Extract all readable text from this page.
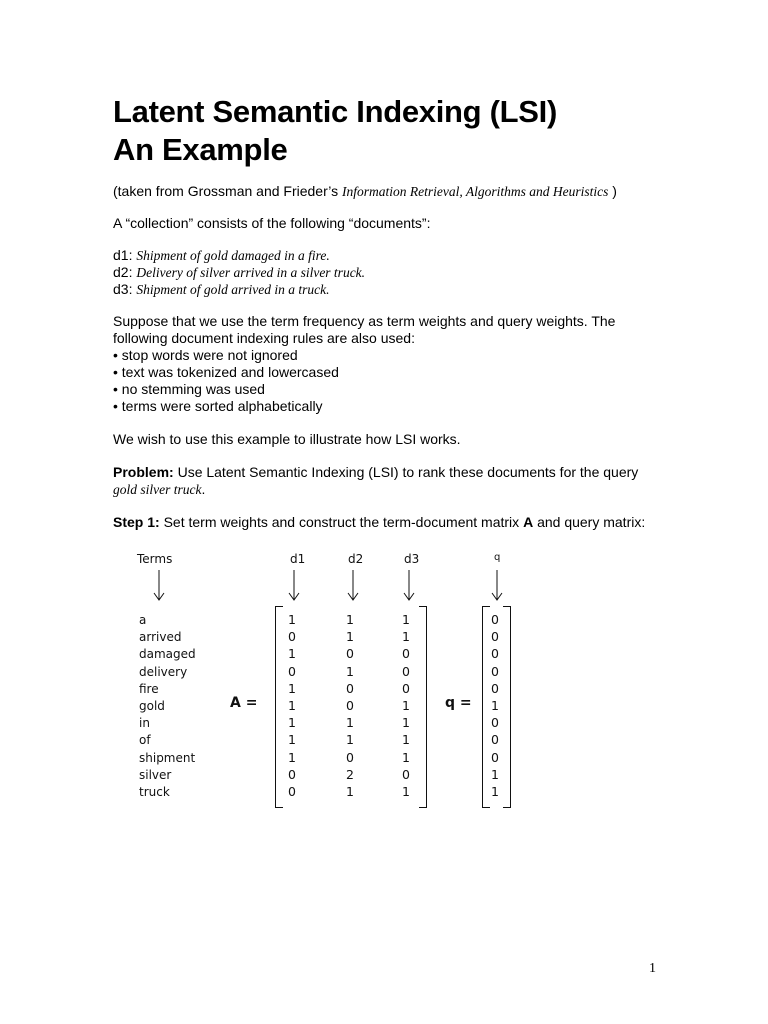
Latent Semantic Indexing (LSI)
An Example
(taken from Grossman and Frieder’s Information Retrieval, Algorithms and Heuristics )
A “collection” consists of the following “documents”:
d1: Shipment of gold damaged in a fire.
d2: Delivery of silver arrived in a silver truck.
d3: Shipment of gold arrived in a truck.
Suppose that we use the term frequency as term weights and query weights. The
following document indexing rules are also used:
• stop words were not ignored
• text was tokenized and lowercased
• no stemming was used
• terms were sorted alphabetically
We wish to use this example to illustrate how LSI works.
Problem: Use Latent Semantic Indexing (LSI) to rank these documents for the query
gold silver truck.
Step 1: Set term weights and construct the term-document matrix A and query matrix:
Terms	d1	d2	d3	q
A =	q =
a	1	1	1	0
arrived	0	1	1	0
damaged	1	0	0	0
delivery	0	1	0	0
fire	1	0	0	0
gold	1	0	1	1
in	1	1	1	0
of	1	1	1	0
shipment	1	0	1	0
silver	0	2	0	1
truck	0	1	1	1
1
